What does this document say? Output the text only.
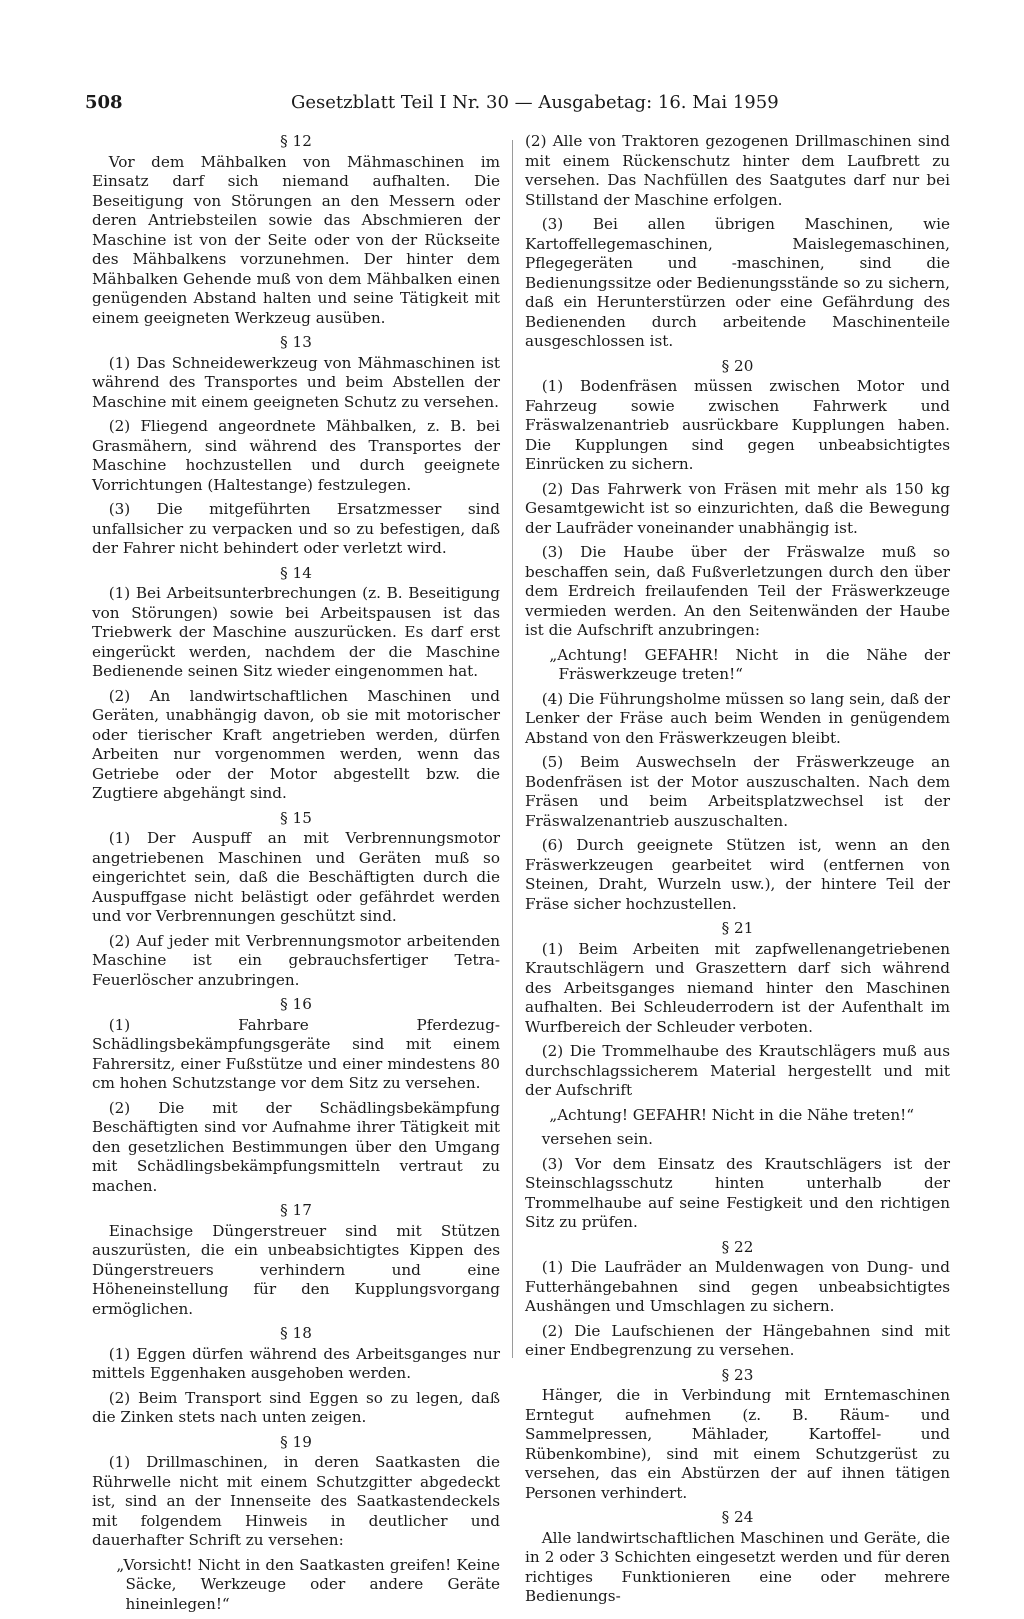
508	Gesetzblatt Teil I Nr. 30 — Ausgabetag: 16. Mai 1959
§ 12
Vor dem Mähbalken von Mähmaschinen im Einsatz darf sich niemand aufhalten. Die Beseitigung von Störungen an den Messern oder deren Antriebsteilen sowie das Abschmieren der Maschine ist von der Seite oder von der Rückseite des Mähbalkens vorzunehmen. Der hinter dem Mähbalken Gehende muß von dem Mähbalken einen genügenden Abstand halten und seine Tätigkeit mit einem geeigneten Werkzeug ausüben.
§ 13
(1) Das Schneidewerkzeug von Mähmaschinen ist während des Transportes und beim Abstellen der Maschine mit einem geeigneten Schutz zu versehen.
(2) Fliegend angeordnete Mähbalken, z. B. bei Grasmähern, sind während des Transportes der Maschine hochzustellen und durch geeignete Vorrichtungen (Haltestange) festzulegen.
(3) Die mitgeführten Ersatzmesser sind unfallsicher zu verpacken und so zu befestigen, daß der Fahrer nicht behindert oder verletzt wird.
§ 14
(1) Bei Arbeitsunterbrechungen (z. B. Beseitigung von Störungen) sowie bei Arbeitspausen ist das Triebwerk der Maschine auszurücken. Es darf erst eingerückt werden, nachdem der die Maschine Bedienende seinen Sitz wieder eingenommen hat.
(2) An landwirtschaftlichen Maschinen und Geräten, unabhängig davon, ob sie mit motorischer oder tierischer Kraft angetrieben werden, dürfen Arbeiten nur vorgenommen werden, wenn das Getriebe oder der Motor abgestellt bzw. die Zugtiere abgehängt sind.
§ 15
(1) Der Auspuff an mit Verbrennungsmotor angetriebenen Maschinen und Geräten muß so eingerichtet sein, daß die Beschäftigten durch die Auspuffgase nicht belästigt oder gefährdet werden und vor Verbrennungen geschützt sind.
(2) Auf jeder mit Verbrennungsmotor arbeitenden Maschine ist ein gebrauchsfertiger Tetra-Feuerlöscher anzubringen.
§ 16
(1) Fahrbare Pferdezug-Schädlingsbekämpfungsgeräte sind mit einem Fahrersitz, einer Fußstütze und einer mindestens 80 cm hohen Schutzstange vor dem Sitz zu versehen.
(2) Die mit der Schädlingsbekämpfung Beschäftigten sind vor Aufnahme ihrer Tätigkeit mit den gesetzlichen Bestimmungen über den Umgang mit Schädlingsbekämpfungsmitteln vertraut zu machen.
§ 17
Einachsige Düngerstreuer sind mit Stützen auszurüsten, die ein unbeabsichtigtes Kippen des Düngerstreuers verhindern und eine Höheneinstellung für den Kupplungsvorgang ermöglichen.
§ 18
(1) Eggen dürfen während des Arbeitsganges nur mittels Eggenhaken ausgehoben werden.
(2) Beim Transport sind Eggen so zu legen, daß die Zinken stets nach unten zeigen.
§ 19
(1) Drillmaschinen, in deren Saatkasten die Rührwelle nicht mit einem Schutzgitter abgedeckt ist, sind an der Innenseite des Saatkastendeckels mit folgendem Hinweis in deutlicher und dauerhafter Schrift zu versehen:
„Vorsicht! Nicht in den Saatkasten greifen! Keine Säcke, Werkzeuge oder andere Geräte hineinlegen!“
(2) Alle von Traktoren gezogenen Drillmaschinen sind mit einem Rückenschutz hinter dem Laufbrett zu versehen. Das Nachfüllen des Saatgutes darf nur bei Stillstand der Maschine erfolgen.
(3) Bei allen übrigen Maschinen, wie Kartoffellegemaschinen, Maislegemaschinen, Pflegegeräten und -maschinen, sind die Bedienungssitze oder Bedienungsstände so zu sichern, daß ein Herunterstürzen oder eine Gefährdung des Bedienenden durch arbeitende Maschinenteile ausgeschlossen ist.
§ 20
(1) Bodenfräsen müssen zwischen Motor und Fahrzeug sowie zwischen Fahrwerk und Fräswalzenantrieb ausrückbare Kupplungen haben. Die Kupplungen sind gegen unbeabsichtigtes Einrücken zu sichern.
(2) Das Fahrwerk von Fräsen mit mehr als 150 kg Gesamtgewicht ist so einzurichten, daß die Bewegung der Laufräder voneinander unabhängig ist.
(3) Die Haube über der Fräswalze muß so beschaffen sein, daß Fußverletzungen durch den über dem Erdreich freilaufenden Teil der Fräswerkzeuge vermieden werden. An den Seitenwänden der Haube ist die Aufschrift anzubringen:
„Achtung! GEFAHR! Nicht in die Nähe der Fräswerkzeuge treten!“
(4) Die Führungsholme müssen so lang sein, daß der Lenker der Fräse auch beim Wenden in genügendem Abstand von den Fräswerkzeugen bleibt.
(5) Beim Auswechseln der Fräswerkzeuge an Bodenfräsen ist der Motor auszuschalten. Nach dem Fräsen und beim Arbeitsplatzwechsel ist der Fräswalzenantrieb auszuschalten.
(6) Durch geeignete Stützen ist, wenn an den Fräswerkzeugen gearbeitet wird (entfernen von Steinen, Draht, Wurzeln usw.), der hintere Teil der Fräse sicher hochzustellen.
§ 21
(1) Beim Arbeiten mit zapfwellenangetriebenen Krautschlägern und Graszettern darf sich während des Arbeitsganges niemand hinter den Maschinen aufhalten. Bei Schleuderrodern ist der Aufenthalt im Wurfbereich der Schleuder verboten.
(2) Die Trommelhaube des Krautschlägers muß aus durchschlagssicherem Material hergestellt und mit der Aufschrift
„Achtung! GEFAHR! Nicht in die Nähe treten!“
versehen sein.
(3) Vor dem Einsatz des Krautschlägers ist der Steinschlagsschutz hinten unterhalb der Trommelhaube auf seine Festigkeit und den richtigen Sitz zu prüfen.
§ 22
(1) Die Laufräder an Muldenwagen von Dung- und Futterhängebahnen sind gegen unbeabsichtigtes Aushängen und Umschlagen zu sichern.
(2) Die Laufschienen der Hängebahnen sind mit einer Endbegrenzung zu versehen.
§ 23
Hänger, die in Verbindung mit Erntemaschinen Erntegut aufnehmen (z. B. Räum- und Sammelpressen, Mählader, Kartoffel- und Rübenkombine), sind mit einem Schutzgerüst zu versehen, das ein Abstürzen der auf ihnen tätigen Personen verhindert.
§ 24
Alle landwirtschaftlichen Maschinen und Geräte, die in 2 oder 3 Schichten eingesetzt werden und für deren richtiges Funktionieren eine oder mehrere Bedienungs-
